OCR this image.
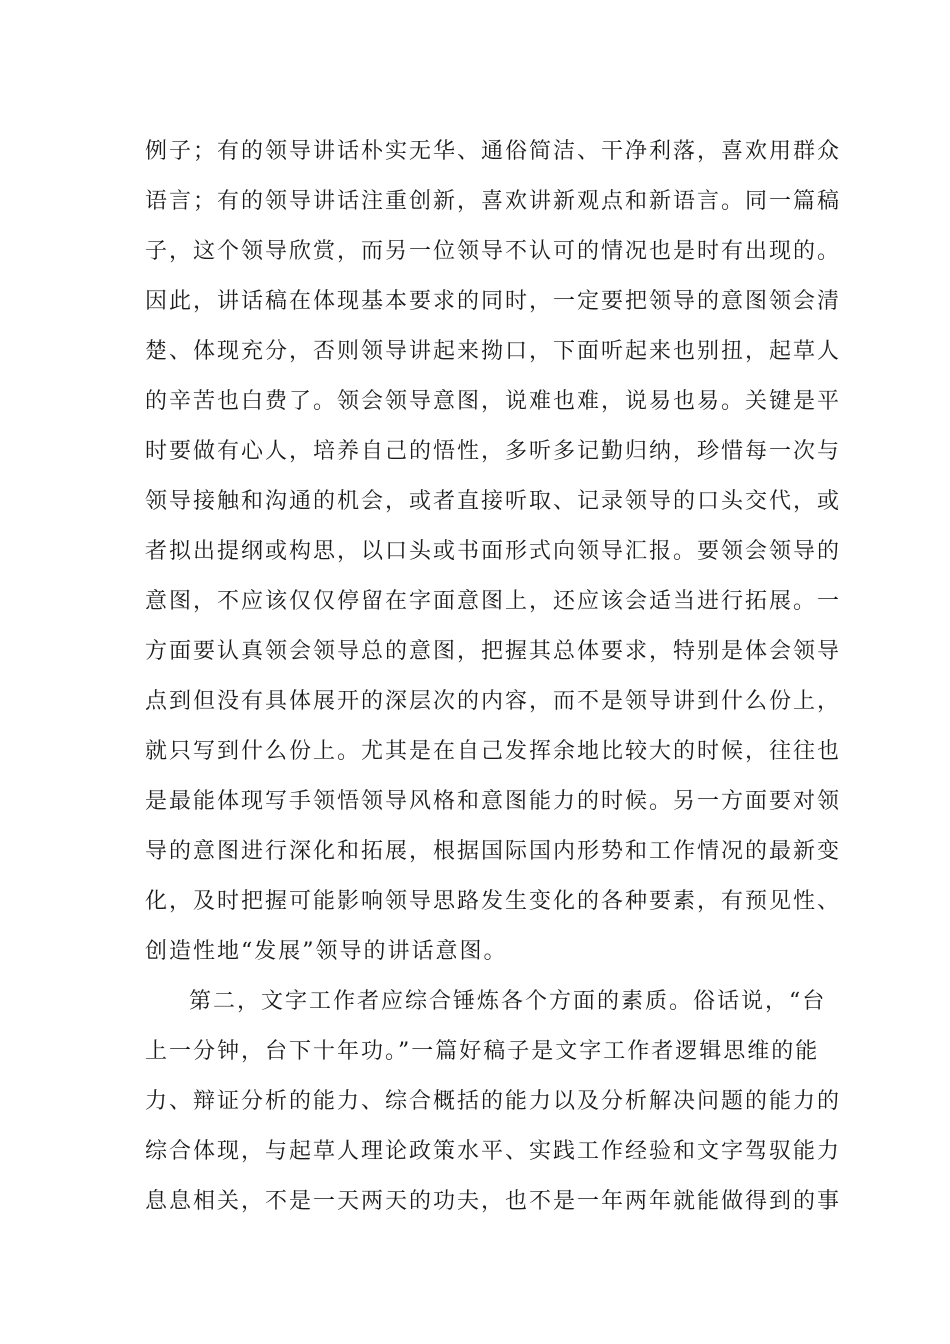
例子；有的领导讲话朴实无华、通俗简洁、干净利落，喜欢用群众
语言；有的领导讲话注重创新，喜欢讲新观点和新语言。同一篇稿
子，这个领导欣赏，而另一位领导不认可的情况也是时有出现的。
因此，讲话稿在体现基本要求的同时，一定要把领导的意图领会清
楚、体现充分，否则领导讲起来拗口，下面听起来也别扭，起草人
的辛苦也白费了。领会领导意图，说难也难，说易也易。关键是平
时要做有心人，培养自己的悟性，多听多记勤归纳，珍惜每一次与
领导接触和沟通的机会，或者直接听取、记录领导的口头交代，或
者拟出提纲或构思，以口头或书面形式向领导汇报。要领会领导的
意图，不应该仅仅停留在字面意图上，还应该会适当进行拓展。一
方面要认真领会领导总的意图，把握其总体要求，特别是体会领导
点到但没有具体展开的深层次的内容，而不是领导讲到什么份上，
就只写到什么份上。尤其是在自己发挥余地比较大的时候，往往也
是最能体现写手领悟领导风格和意图能力的时候。另一方面要对领
导的意图进行深化和拓展，根据国际国内形势和工作情况的最新变
化，及时把握可能影响领导思路发生变化的各种要素，有预见性、
创造性地“发展”领导的讲话意图。
第二，文字工作者应综合锤炼各个方面的素质。俗话说，“台
上一分钟，台下十年功。”一篇好稿子是文字工作者逻辑思维的能
力、辩证分析的能力、综合概括的能力以及分析解决问题的能力的
综合体现，与起草人理论政策水平、实践工作经验和文字驾驭能力
息息相关，不是一天两天的功夫，也不是一年两年就能做得到的事
